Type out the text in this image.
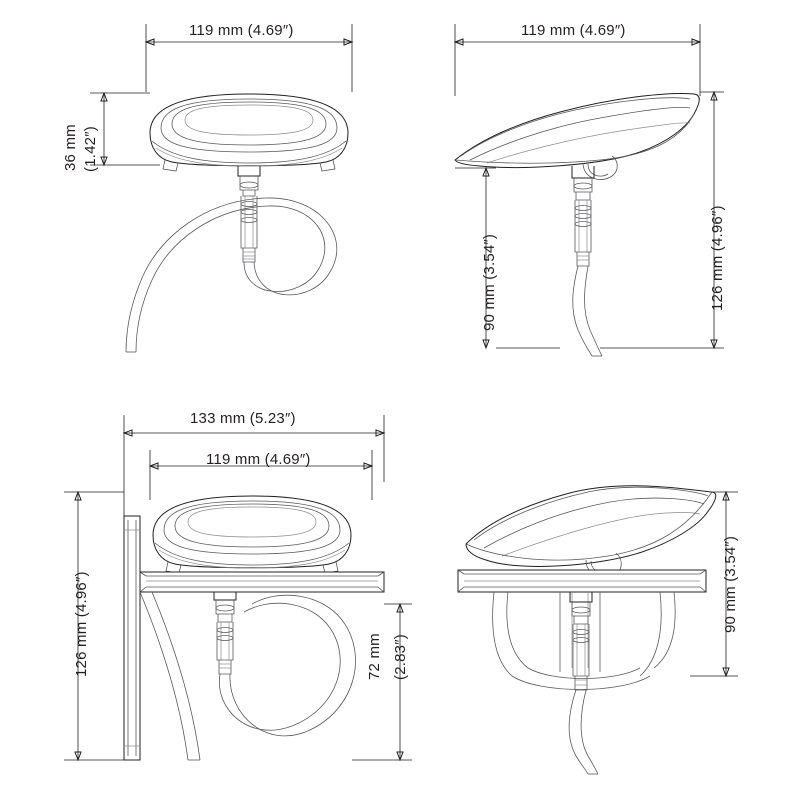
119 mm (4.69″)
36 mm (1.42″)
119 mm (4.69″)
90 mm (3.54″)	126 mm (4.96″)
133 mm (5.23″)
119 mm (4.69″)
126 mm (4.96″)	72 mm (2.83″)
90 mm (3.54″)
